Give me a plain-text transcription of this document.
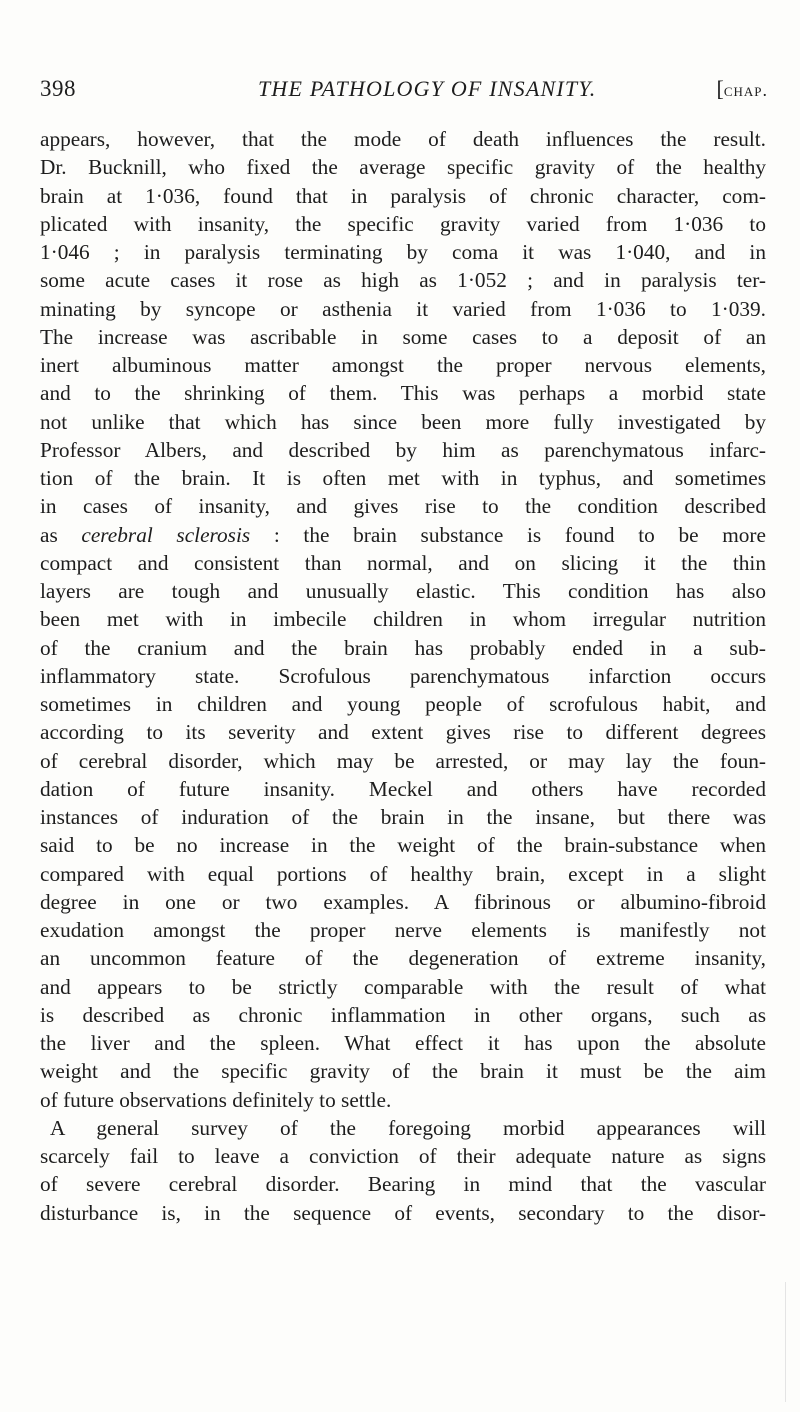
398	THE PATHOLOGY OF INSANITY.	[chap.
appears, however, that the mode of death influences the result.
Dr. Bucknill, who fixed the average specific gravity of the healthy
brain at 1·036, found that in paralysis of chronic character, com-
plicated with insanity, the specific gravity varied from 1·036 to
1·046 ; in paralysis terminating by coma it was 1·040, and in
some acute cases it rose as high as 1·052 ; and in paralysis ter-
minating by syncope or asthenia it varied from 1·036 to 1·039.
The increase was ascribable in some cases to a deposit of an
inert albuminous matter amongst the proper nervous elements,
and to the shrinking of them. This was perhaps a morbid state
not unlike that which has since been more fully investigated by
Professor Albers, and described by him as parenchymatous infarc-
tion of the brain. It is often met with in typhus, and sometimes
in cases of insanity, and gives rise to the condition described
as cerebral sclerosis : the brain substance is found to be more
compact and consistent than normal, and on slicing it the thin
layers are tough and unusually elastic. This condition has also
been met with in imbecile children in whom irregular nutrition
of the cranium and the brain has probably ended in a sub-
inflammatory state. Scrofulous parenchymatous infarction occurs
sometimes in children and young people of scrofulous habit, and
according to its severity and extent gives rise to different degrees
of cerebral disorder, which may be arrested, or may lay the foun-
dation of future insanity. Meckel and others have recorded
instances of induration of the brain in the insane, but there was
said to be no increase in the weight of the brain-substance when
compared with equal portions of healthy brain, except in a slight
degree in one or two examples. A fibrinous or albumino-fibroid
exudation amongst the proper nerve elements is manifestly not
an uncommon feature of the degeneration of extreme insanity,
and appears to be strictly comparable with the result of what
is described as chronic inflammation in other organs, such as
the liver and the spleen. What effect it has upon the absolute
weight and the specific gravity of the brain it must be the aim
of future observations definitely to settle.
A general survey of the foregoing morbid appearances will
scarcely fail to leave a conviction of their adequate nature as signs
of severe cerebral disorder. Bearing in mind that the vascular
disturbance is, in the sequence of events, secondary to the disor-
